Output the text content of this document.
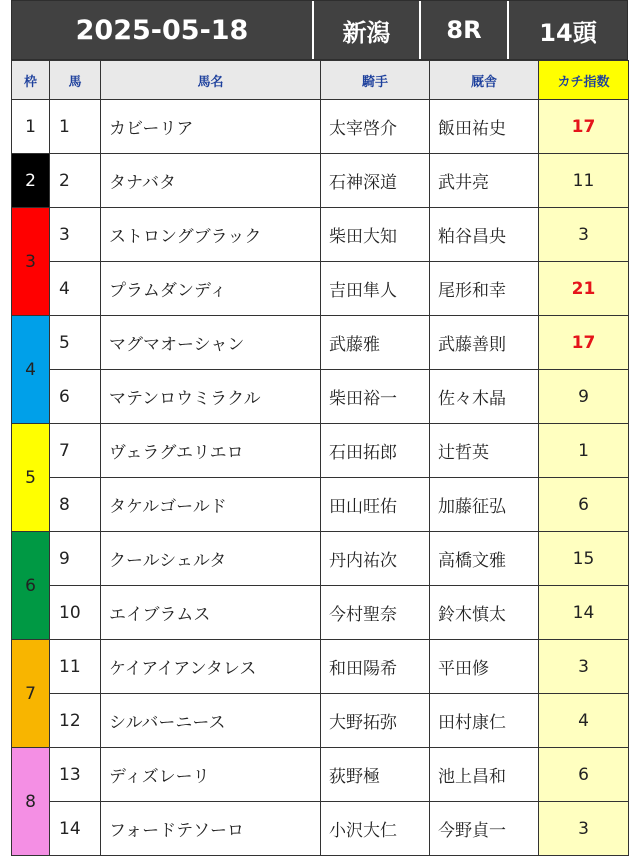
2025-05-18	新潟	8R	14頭
枠	馬	馬名	騎手	厩舎	カチ指数
1	1	カビーリア	太宰啓介	飯田祐史	17
2	2	タナバタ	石神深道	武井亮	11
3	3	ストロングブラック	柴田大知	粕谷昌央	3
	4	プラムダンディ	吉田隼人	尾形和幸	21
4	5	マグマオーシャン	武藤雅	武藤善則	17
	6	マテンロウミラクル	柴田裕一	佐々木晶	9
5	7	ヴェラグエリエロ	石田拓郎	辻哲英	1
	8	タケルゴールド	田山旺佑	加藤征弘	6
6	9	クールシェルタ	丹内祐次	高橋文雅	15
	10	エイブラムス	今村聖奈	鈴木慎太	14
7	11	ケイアイアンタレス	和田陽希	平田修	3
	12	シルバーニース	大野拓弥	田村康仁	4
8	13	ディズレーリ	荻野極	池上昌和	6
	14	フォードテソーロ	小沢大仁	今野貞一	3
